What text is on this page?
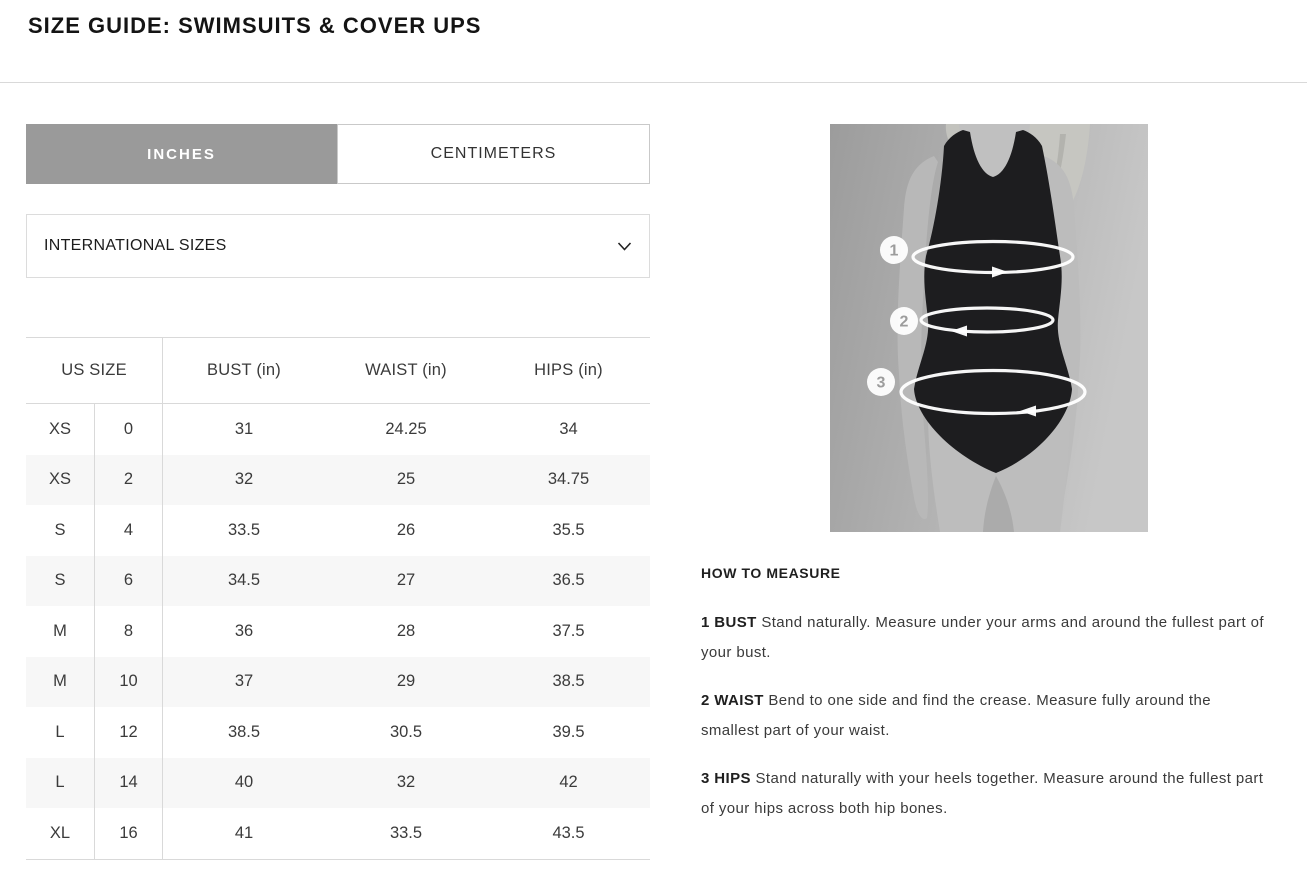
SIZE GUIDE: SWIMSUITS & COVER UPS
INCHES	CENTIMETERS
INTERNATIONAL SIZES
US SIZE	BUST (in)	WAIST (in)	HIPS (in)
XS	0	31	24.25	34
XS	2	32	25	34.75
S	4	33.5	26	35.5
S	6	34.5	27	36.5
M	8	36	28	37.5
M	10	37	29	38.5
L	12	38.5	30.5	39.5
L	14	40	32	42
XL	16	41	33.5	43.5
1
2
3
HOW TO MEASURE

1 BUST Stand naturally. Measure under your arms and around the fullest part of your bust.

2 WAIST Bend to one side and find the crease. Measure fully around the smallest part of your waist.

3 HIPS Stand naturally with your heels together. Measure around the fullest part of your hips across both hip bones.
